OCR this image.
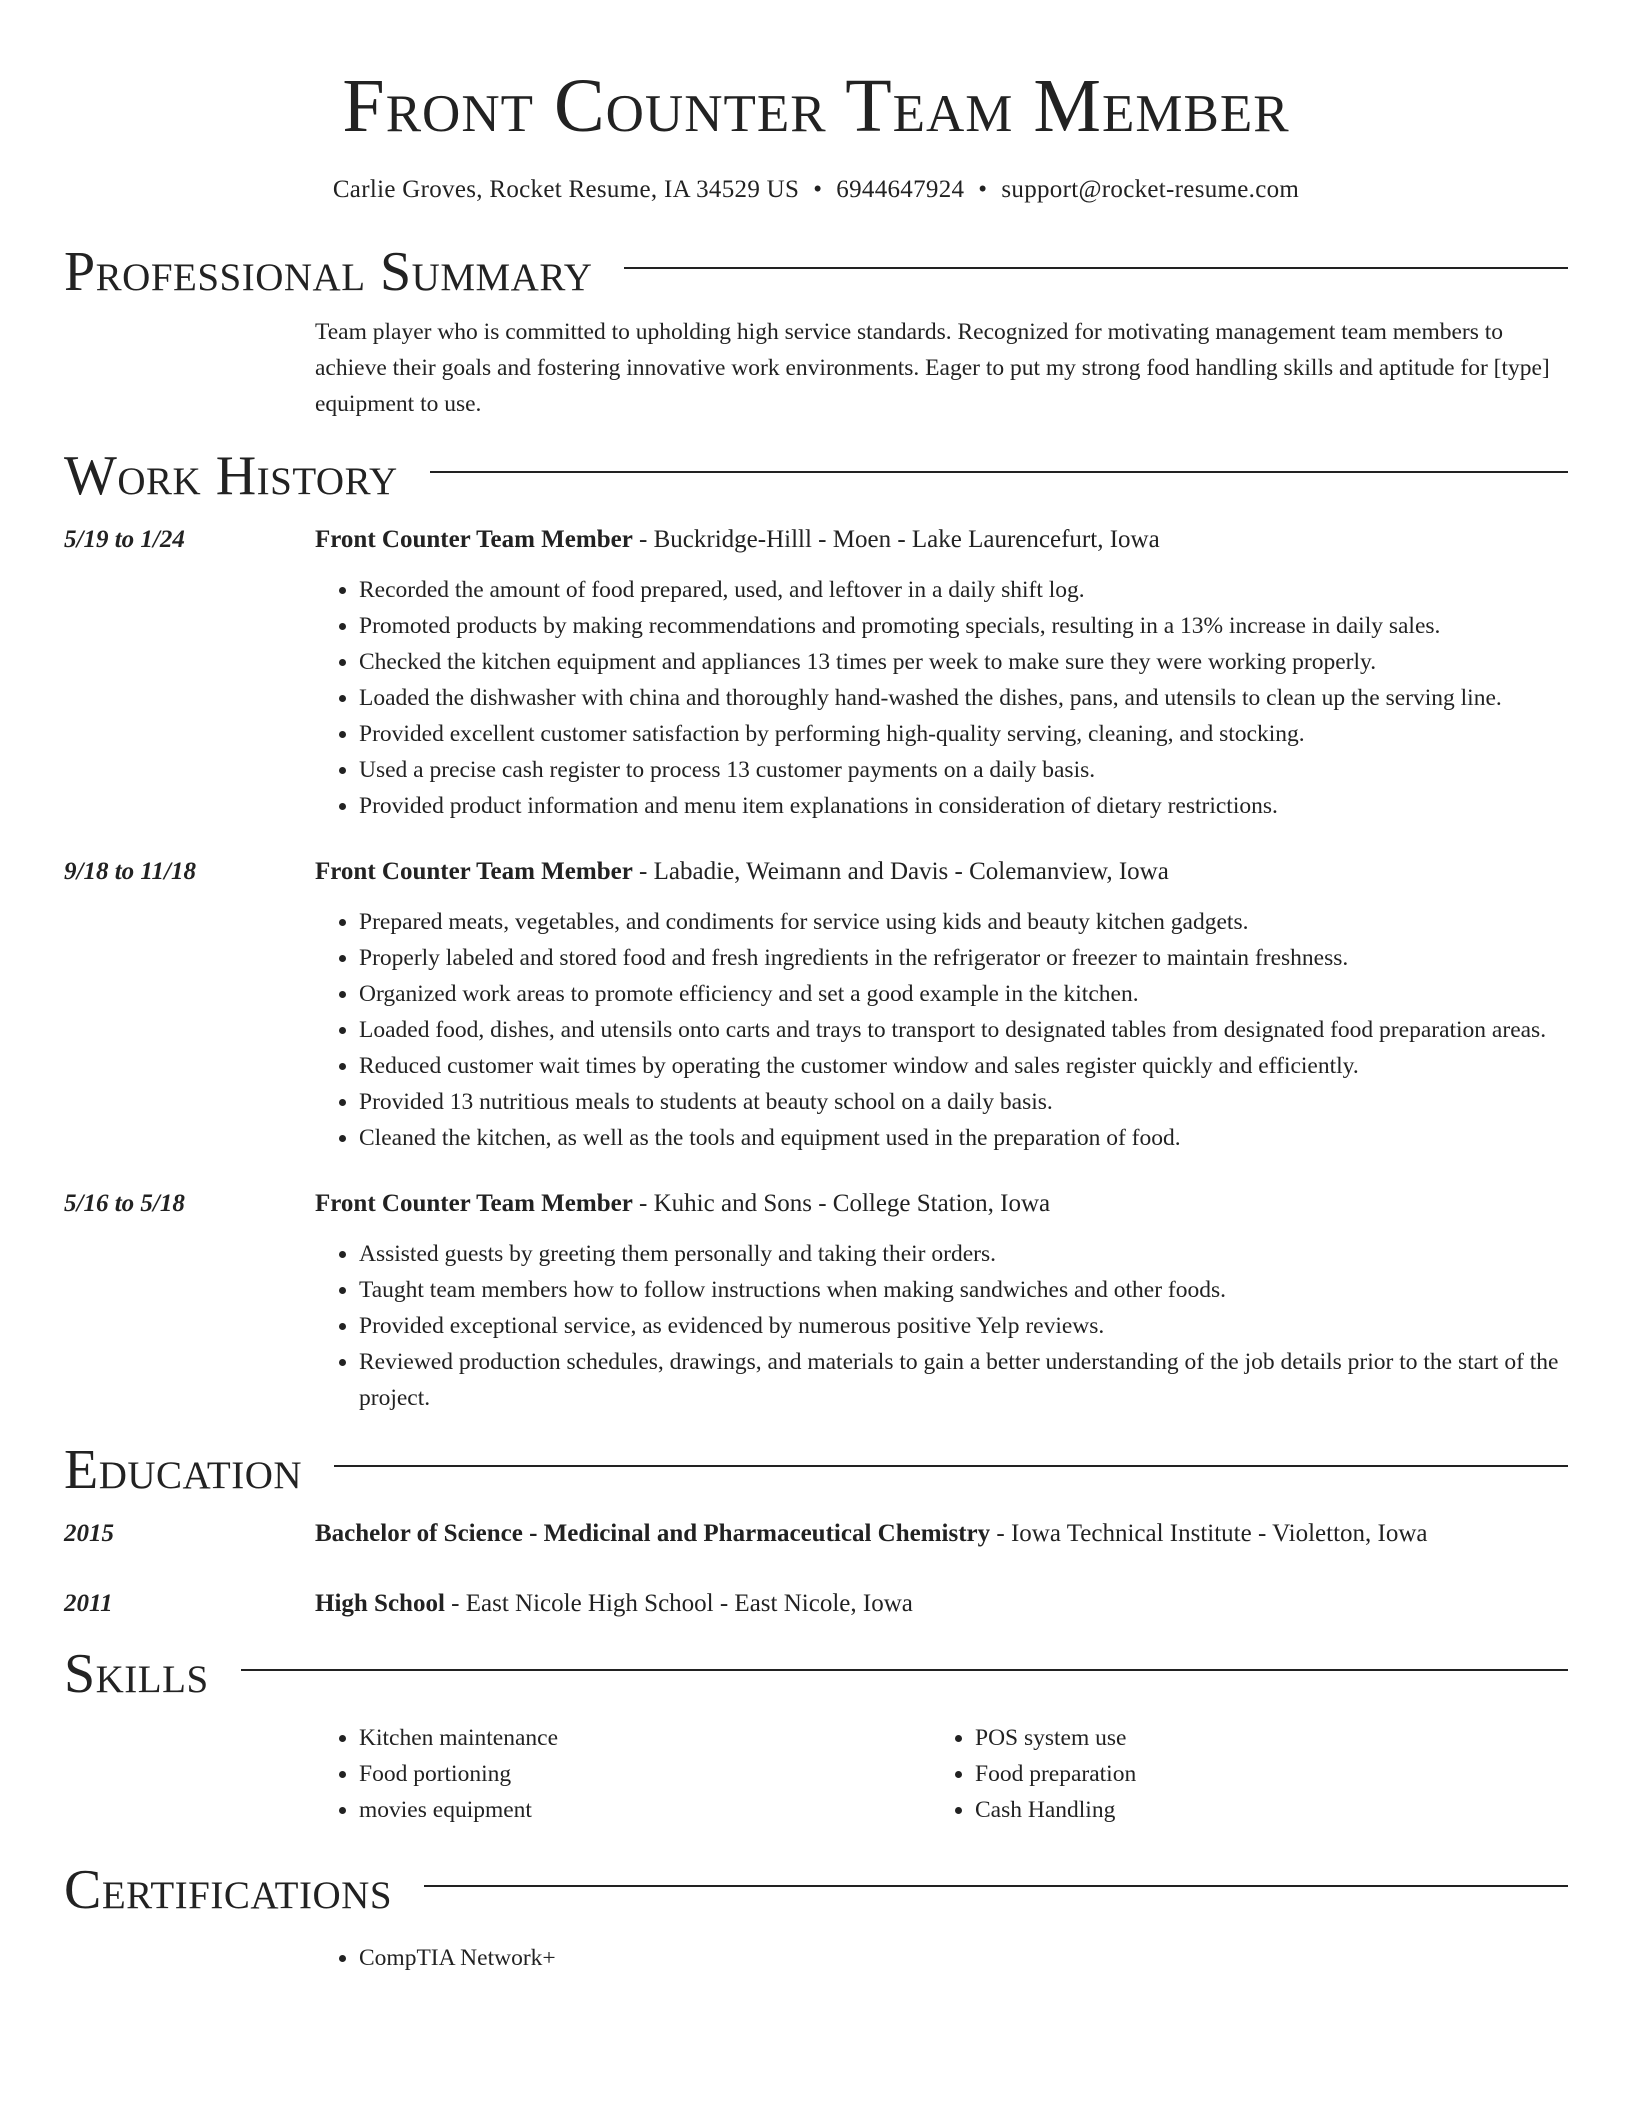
Front Counter Team Member
Carlie Groves, Rocket Resume, IA 34529 US • 6944647924 • support@rocket-resume.com
Professional Summary
Team player who is committed to upholding high service standards. Recognized for motivating management team members to achieve their goals and fostering innovative work environments. Eager to put my strong food handling skills and aptitude for [type] equipment to use.
Work History
5/19 to 1/24	Front Counter Team Member - Buckridge-Hilll - Moen - Lake Laurencefurt, Iowa
• Recorded the amount of food prepared, used, and leftover in a daily shift log.
• Promoted products by making recommendations and promoting specials, resulting in a 13% increase in daily sales.
• Checked the kitchen equipment and appliances 13 times per week to make sure they were working properly.
• Loaded the dishwasher with china and thoroughly hand-washed the dishes, pans, and utensils to clean up the serving line.
• Provided excellent customer satisfaction by performing high-quality serving, cleaning, and stocking.
• Used a precise cash register to process 13 customer payments on a daily basis.
• Provided product information and menu item explanations in consideration of dietary restrictions.
9/18 to 11/18	Front Counter Team Member - Labadie, Weimann and Davis - Colemanview, Iowa
• Prepared meats, vegetables, and condiments for service using kids and beauty kitchen gadgets.
• Properly labeled and stored food and fresh ingredients in the refrigerator or freezer to maintain freshness.
• Organized work areas to promote efficiency and set a good example in the kitchen.
• Loaded food, dishes, and utensils onto carts and trays to transport to designated tables from designated food preparation areas.
• Reduced customer wait times by operating the customer window and sales register quickly and efficiently.
• Provided 13 nutritious meals to students at beauty school on a daily basis.
• Cleaned the kitchen, as well as the tools and equipment used in the preparation of food.
5/16 to 5/18	Front Counter Team Member - Kuhic and Sons - College Station, Iowa
• Assisted guests by greeting them personally and taking their orders.
• Taught team members how to follow instructions when making sandwiches and other foods.
• Provided exceptional service, as evidenced by numerous positive Yelp reviews.
• Reviewed production schedules, drawings, and materials to gain a better understanding of the job details prior to the start of the project.
Education
2015	Bachelor of Science - Medicinal and Pharmaceutical Chemistry - Iowa Technical Institute - Violetton, Iowa
2011	High School - East Nicole High School - East Nicole, Iowa
Skills
• Kitchen maintenance
• Food portioning
• movies equipment
• POS system use
• Food preparation
• Cash Handling
Certifications
• CompTIA Network+
